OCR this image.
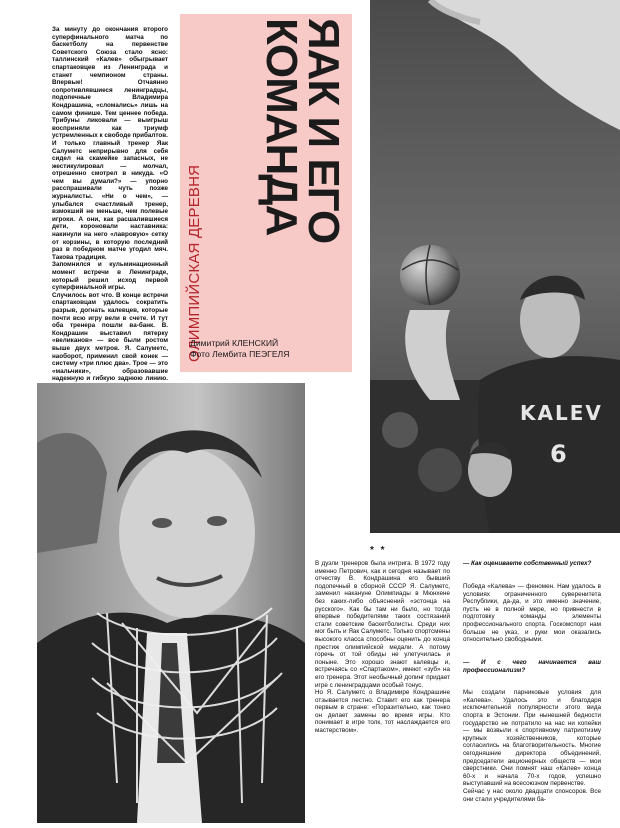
За минуту до окончания второго суперфинального матча по баскетболу на первенстве Советского Союза стало ясно: таллинский «Калев» обыгрывает спартаковцев из Ленинграда и станет чемпионом страны. Впервые! Отчаянно сопротивлявшиеся ленинградцы, подопечные Владимира Кондрашина, «сломались» лишь на самом финише. Тем ценнее победа. Трибуны ликовали — выигрыш восприняли как триумф устремленных к свободе прибалтов.
И только главный тренер Яак Салуметс неприрывно для себя сидел на скамейке запасных, не жестикулировал — молчал, отрешенно смотрел в никуда. «О чем вы думали?» — упорно расспрашивали чуть позже журналисты. «Ни о чем», — улыбался счастливый тренер, взмокший не меньше, чем полевые игроки. А они, как расшалившиеся дети, короновали наставника: накинули на него «лавровую» сетку от корзины, в которую последний раз в победном матче угодил мяч. Такова традиция.
Запомнился и кульминационный момент встречи в Ленинграде, который решил исход первой суперфинальной игры.
Случилось вот что. В конце встречи спартаковцам удалось сократить разрыв, догнать калевцев, которые почти всю игру вели в счете. И тут оба тренера пошли ва-банк. В. Кондрашин выставил пятерку «великанов» — все были ростом выше двух метров. Я. Салуметс, наоборот, применил свой конек — систему «три плюс два». Трое — это «мальчики», образовавшие надежную и гибкую заднюю линию.
ОЛИМПИЙСКАЯ ДЕРЕВНЯ
ЯАК И ЕГО
КОМАНДА
Димитрий КЛЕНСКИЙ
Фото Лембита ПЕЭГЕЛЯ
KALEV
6
* *
В дуэли тренеров была интрига. В 1972 году именно Петрович, как и сегодня называет по отчеству В. Кондрашина его бывший подопечный в сборной СССР Я. Салуметс, заменил накануне Олимпиады в Мюнхене без каких-либо объяснений «эстонца на русского». Как бы там ни было, но тогда впервые победителями таких состязаний стали советские баскетболисты. Среди них мог быть и Яак Салуметс. Только спортсмены высокого класса способны оценить до конца престиж олимпийской медали. А потому горечь от той обиды не улетучилась и поныне. Это хорошо знают калевцы и, встречаясь со «Спартаком», имеют «зуб» на его тренера. Этот необычный допинг придает игре с ленинградцами особый тонус.
Но Я. Салуметс о Владимире Кондрашине отзывается лестно. Ставит его как тренера первым в стране: «Поразительно, как тонко он делает замены во время игры. Кто понимает в игре толк, тот наслаждается его мастерством».

— Как оцениваете собственный успех?

Победа «Калева» — феномен. Нам удалось в условиях ограниченного суверенитета Республики, да-да, и это именно значение, пусть не в полной мере, но привнести в подготовку команды элементы профессионального спорта. Госкомспорт нам больше не указ, и руки мои оказались относительно свободными.

— И с чего начинается ваш профессионализм?

Мы создали парниковые условия для «Калева». Удалось это и благодаря исключительной популярности этого вида спорта в Эстонии. При нынешней бедности государство не потратило на нас ни копейки — мы возвыли к спортивному патриотизму крупных хозяйственников, которые согласились на благотворительность. Многие сегодняшние директора объединений, председатели акционерных обществ — мои сверстники. Они помнят наш «Калев» конца 60-х и начала 70-х годов, успешно выступавший на всесоюзном первенстве.
Сейчас у нас около двадцати спонсоров. Все они стали учредителями ба-
